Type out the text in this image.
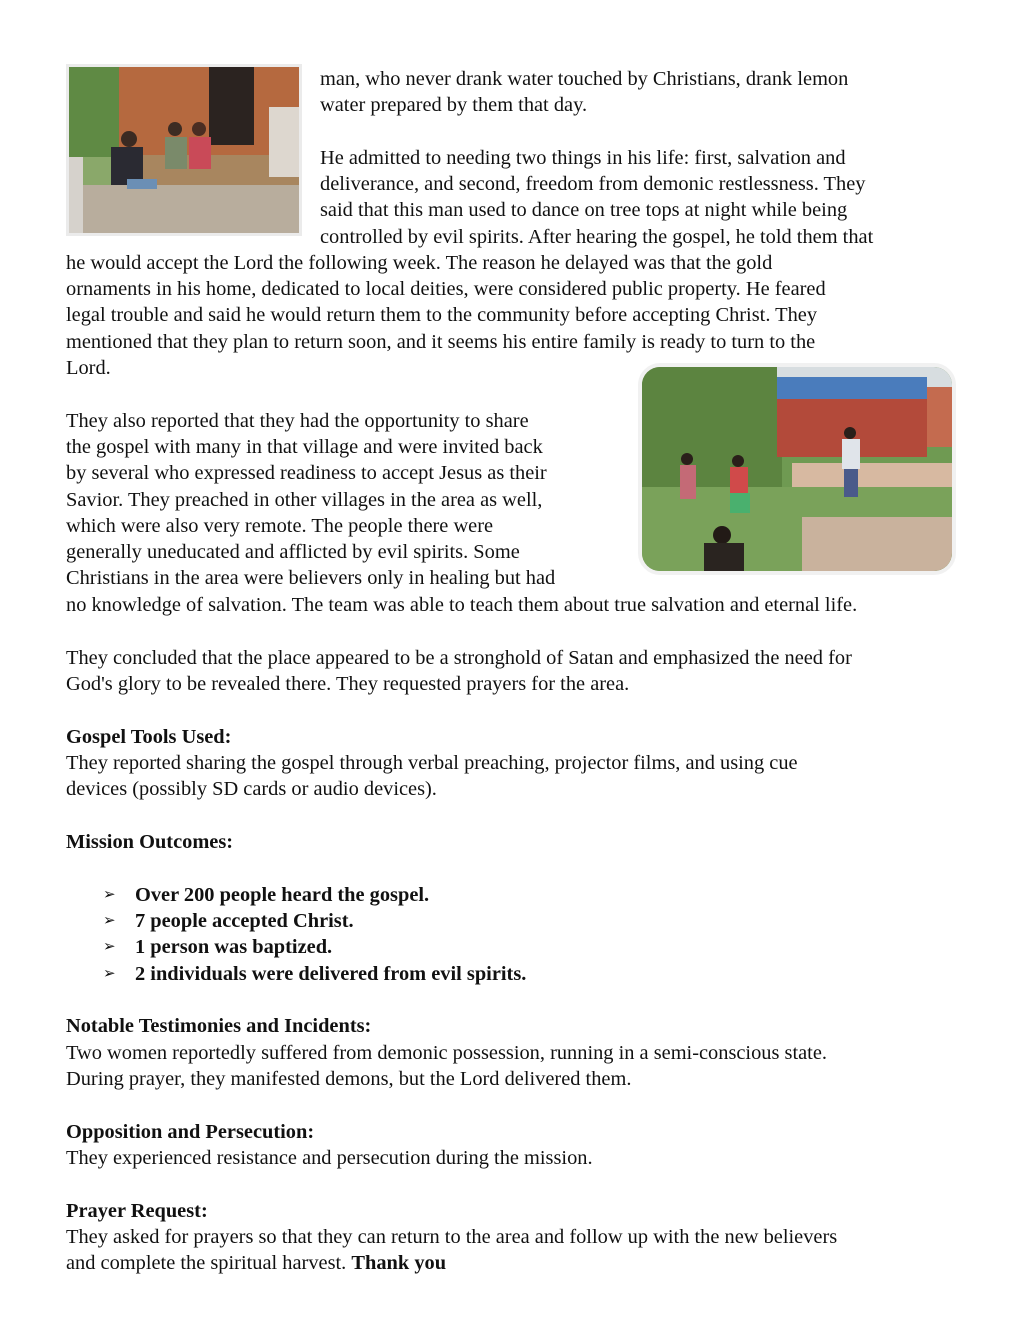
man, who never drank water touched by Christians, drank lemon

water prepared by them that day.

He admitted to needing two things in his life: first, salvation and

deliverance, and second, freedom from demonic restlessness. They

said that this man used to dance on tree tops at night while being

controlled by evil spirits. After hearing the gospel, he told them that

he would accept the Lord the following week. The reason he delayed was that the gold

ornaments in his home, dedicated to local deities, were considered public property. He feared

legal trouble and said he would return them to the community before accepting Christ. They

mentioned that they plan to return soon, and it seems his entire family is ready to turn to the

Lord.

They also reported that they had the opportunity to share

the gospel with many in that village and were invited back

by several who expressed readiness to accept Jesus as their

Savior. They preached in other villages in the area as well,

which were also very remote. The people there were

generally uneducated and afflicted by evil spirits. Some

Christians in the area were believers only in healing but had

no knowledge of salvation. The team was able to teach them about true salvation and eternal life.

They concluded that the place appeared to be a stronghold of Satan and emphasized the need for

God's glory to be revealed there. They requested prayers for the area.

Gospel Tools Used:

They reported sharing the gospel through verbal preaching, projector films, and using cue

devices (possibly SD cards or audio devices).

Mission Outcomes:

➢ Over 200 people heard the gospel.
➢ 7 people accepted Christ.
➢ 1 person was baptized.
➢ 2 individuals were delivered from evil spirits.

Notable Testimonies and Incidents:

Two women reportedly suffered from demonic possession, running in a semi-conscious state.

During prayer, they manifested demons, but the Lord delivered them.

Opposition and Persecution:

They experienced resistance and persecution during the mission.

Prayer Request:

They asked for prayers so that they can return to the area and follow up with the new believers

and complete the spiritual harvest. Thank you
